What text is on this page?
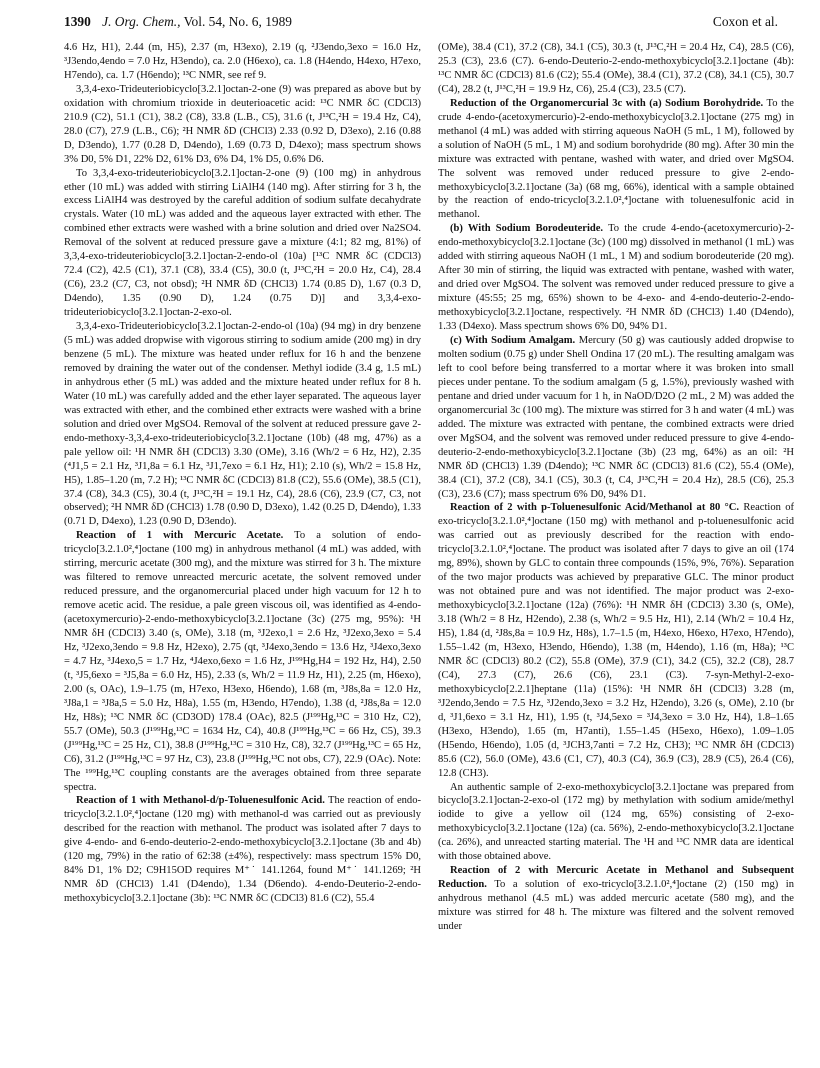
1390 J. Org. Chem., Vol. 54, No. 6, 1989	Coxon et al.

4.6 Hz, H1), 2.44 (m, H5), 2.37 (m, H3exo), 2.19 (q, ²J3endo,3exo = 16.0 Hz, ³J3endo,4endo = 7.0 Hz, H3endo), ca. 2.0 (H6exo), ca. 1.8 (H4endo, H4exo, H7exo, H7endo), ca. 1.7 (H6endo); ¹³C NMR, see ref 9.

3,3,4-exo-Trideuteriobicyclo[3.2.1]octan-2-one (9) was prepared as above but by oxidation with chromium trioxide in deuterioacetic acid: ¹³C NMR δC (CDCl3) 210.9 (C2), 51.1 (C1), 38.2 (C8), 33.8 (L.B., C5), 31.6 (t, J¹³C,²H = 19.4 Hz, C4), 28.0 (C7), 27.9 (L.B., C6); ²H NMR δD (CHCl3) 2.33 (0.92 D, D3exo), 2.16 (0.88 D, D3endo), 1.77 (0.28 D, D4endo), 1.69 (0.73 D, D4exo); mass spectrum shows 3% D0, 5% D1, 22% D2, 61% D3, 6% D4, 1% D5, 0.6% D6.

To 3,3,4-exo-trideuteriobicyclo[3.2.1]octan-2-one (9) (100 mg) in anhydrous ether (10 mL) was added with stirring LiAlH4 (140 mg). After stirring for 3 h, the excess LiAlH4 was destroyed by the careful addition of sodium sulfate decahydrate crystals. Water (10 mL) was added and the aqueous layer extracted with ether. The combined ether extracts were washed with a brine solution and dried over Na2SO4. Removal of the solvent at reduced pressure gave a mixture (4:1; 82 mg, 81%) of 3,3,4-exo-trideuteriobicyclo[3.2.1]octan-2-endo-ol (10a) [¹³C NMR δC (CDCl3) 72.4 (C2), 42.5 (C1), 37.1 (C8), 33.4 (C5), 30.0 (t, J¹³C,²H = 20.0 Hz, C4), 28.4 (C6), 23.2 (C7, C3, not obsd); ²H NMR δD (CHCl3) 1.74 (0.85 D), 1.67 (0.3 D, D4endo), 1.35 (0.90 D), 1.24 (0.75 D)] and 3,3,4-exo-trideuteriobicyclo[3.2.1]octan-2-exo-ol.

3,3,4-exo-Trideuteriobicyclo[3.2.1]octan-2-endo-ol (10a) (94 mg) in dry benzene (5 mL) was added dropwise with vigorous stirring to sodium amide (200 mg) in dry benzene (5 mL). The mixture was heated under reflux for 16 h and the benzene removed by draining the water out of the condenser. Methyl iodide (3.4 g, 1.5 mL) in anhydrous ether (5 mL) was added and the mixture heated under reflux for 8 h. Water (10 mL) was carefully added and the ether layer separated. The aqueous layer was extracted with ether, and the combined ether extracts were washed with a brine solution and dried over MgSO4. Removal of the solvent at reduced pressure gave 2-endo-methoxy-3,3,4-exo-trideuteriobicyclo[3.2.1]octane (10b) (48 mg, 47%) as a pale yellow oil: ¹H NMR δH (CDCl3) 3.30 (OMe), 3.16 (Wh/2 = 6 Hz, H2), 2.35 (⁴J1,5 = 2.1 Hz, ³J1,8a = 6.1 Hz, ³J1,7exo = 6.1 Hz, H1); 2.10 (s), Wh/2 = 15.8 Hz, H5), 1.85–1.20 (m, 7.2 H); ¹³C NMR δC (CDCl3) 81.8 (C2), 55.6 (OMe), 38.5 (C1), 37.4 (C8), 34.3 (C5), 30.4 (t, J¹³C,²H = 19.1 Hz, C4), 28.6 (C6), 23.9 (C7, C3, not observed); ²H NMR δD (CHCl3) 1.78 (0.90 D, D3exo), 1.42 (0.25 D, D4endo), 1.33 (0.71 D, D4exo), 1.23 (0.90 D, D3endo).

Reaction of 1 with Mercuric Acetate. To a solution of endo-tricyclo[3.2.1.0²,⁴]octane (100 mg) in anhydrous methanol (4 mL) was added, with stirring, mercuric acetate (300 mg), and the mixture was stirred for 3 h. The mixture was filtered to remove unreacted mercuric acetate, the solvent removed under reduced pressure, and the organomercurial placed under high vacuum for 12 h to remove acetic acid. The residue, a pale green viscous oil, was identified as 4-endo-(acetoxymercurio)-2-endo-methoxybicyclo[3.2.1]octane (3c) (275 mg, 95%): ¹H NMR δH (CDCl3) 3.40 (s, OMe), 3.18 (m, ³J2exo,1 = 2.6 Hz, ³J2exo,3exo = 5.4 Hz, ³J2exo,3endo = 9.8 Hz, H2exo), 2.75 (qt, ³J4exo,3endo = 13.6 Hz, ³J4exo,3exo = 4.7 Hz, ³J4exo,5 = 1.7 Hz, ⁴J4exo,6exo = 1.6 Hz, J¹⁹⁹Hg,H4 = 192 Hz, H4), 2.50 (t, ³J5,6exo = ³J5,8a = 6.0 Hz, H5), 2.33 (s, Wh/2 = 11.9 Hz, H1), 2.25 (m, H6exo), 2.00 (s, OAc), 1.9–1.75 (m, H7exo, H3exo, H6endo), 1.68 (m, ³J8s,8a = 12.0 Hz, ³J8a,1 = ³J8a,5 = 5.0 Hz, H8a), 1.55 (m, H3endo, H7endo), 1.38 (d, ²J8s,8a = 12.0 Hz, H8s); ¹³C NMR δC (CD3OD) 178.4 (OAc), 82.5 (J¹⁹⁹Hg,¹³C = 310 Hz, C2), 55.7 (OMe), 50.3 (J¹⁹⁹Hg,¹³C = 1634 Hz, C4), 40.8 (J¹⁹⁹Hg,¹³C = 66 Hz, C5), 39.3 (J¹⁹⁹Hg,¹³C = 25 Hz, C1), 38.8 (J¹⁹⁹Hg,¹³C = 310 Hz, C8), 32.7 (J¹⁹⁹Hg,¹³C = 65 Hz, C6), 31.2 (J¹⁹⁹Hg,¹³C = 97 Hz, C3), 23.8 (J¹⁹⁹Hg,¹³C not obs, C7), 22.9 (OAc). Note: The ¹⁹⁹Hg,¹³C coupling constants are the averages obtained from three separate spectra.

Reaction of 1 with Methanol-d/p-Toluenesulfonic Acid. The reaction of endo-tricyclo[3.2.1.0²,⁴]octane (120 mg) with methanol-d was carried out as previously described for the reaction with methanol. The product was isolated after 7 days to give 4-endo- and 6-endo-deuterio-2-endo-methoxybicyclo[3.2.1]octane (3b and 4b) (120 mg, 79%) in the ratio of 62:38 (±4%), respectively: mass spectrum 15% D0, 84% D1, 1% D2; C9H15OD requires M⁺˙ 141.1264, found M⁺˙ 141.1269; ²H NMR δD (CHCl3) 1.41 (D4endo), 1.34 (D6endo). 4-endo-Deuterio-2-endo-methoxybicyclo[3.2.1]octane (3b): ¹³C NMR δC (CDCl3) 81.6 (C2), 55.4

(OMe), 38.4 (C1), 37.2 (C8), 34.1 (C5), 30.3 (t, J¹³C,²H = 20.4 Hz, C4), 28.5 (C6), 25.3 (C3), 23.6 (C7). 6-endo-Deuterio-2-endo-methoxybicyclo[3.2.1]octane (4b): ¹³C NMR δC (CDCl3) 81.6 (C2); 55.4 (OMe), 38.4 (C1), 37.2 (C8), 34.1 (C5), 30.7 (C4), 28.2 (t, J¹³C,²H = 19.9 Hz, C6), 25.4 (C3), 23.5 (C7).

Reduction of the Organomercurial 3c with (a) Sodium Borohydride. To the crude 4-endo-(acetoxymercurio)-2-endo-methoxybicyclo[3.2.1]octane (275 mg) in methanol (4 mL) was added with stirring aqueous NaOH (5 mL, 1 M), followed by a solution of NaOH (5 mL, 1 M) and sodium borohydride (80 mg). After 30 min the mixture was extracted with pentane, washed with water, and dried over MgSO4. The solvent was removed under reduced pressure to give 2-endo-methoxybicyclo[3.2.1]octane (3a) (68 mg, 66%), identical with a sample obtained by the reaction of endo-tricyclo[3.2.1.0²,⁴]octane with toluenesulfonic acid in methanol.

(b) With Sodium Borodeuteride. To the crude 4-endo-(acetoxymercurio)-2-endo-methoxybicyclo[3.2.1]octane (3c) (100 mg) dissolved in methanol (1 mL) was added with stirring aqueous NaOH (1 mL, 1 M) and sodium borodeuteride (20 mg). After 30 min of stirring, the liquid was extracted with pentane, washed with water, and dried over MgSO4. The solvent was removed under reduced pressure to give a mixture (45:55; 25 mg, 65%) shown to be 4-exo- and 4-endo-deuterio-2-endo-methoxybicyclo[3.2.1]octane, respectively. ²H NMR δD (CHCl3) 1.40 (D4endo), 1.33 (D4exo). Mass spectrum shows 6% D0, 94% D1.

(c) With Sodium Amalgam. Mercury (50 g) was cautiously added dropwise to molten sodium (0.75 g) under Shell Ondina 17 (20 mL). The resulting amalgam was left to cool before being transferred to a mortar where it was broken into small pieces under pentane. To the sodium amalgam (5 g, 1.5%), previously washed with pentane and dried under vacuum for 1 h, in NaOD/D2O (2 mL, 2 M) was added the organomercurial 3c (100 mg). The mixture was stirred for 3 h and water (4 mL) was added. The mixture was extracted with pentane, the combined extracts were dried over MgSO4, and the solvent was removed under reduced pressure to give 4-endo-deuterio-2-endo-methoxybicyclo[3.2.1]octane (3b) (23 mg, 64%) as an oil: ²H NMR δD (CHCl3) 1.39 (D4endo); ¹³C NMR δC (CDCl3) 81.6 (C2), 55.4 (OMe), 38.4 (C1), 37.2 (C8), 34.1 (C5), 30.3 (t, C4, J¹³C,²H = 20.4 Hz), 28.5 (C6), 25.3 (C3), 23.6 (C7); mass spectrum 6% D0, 94% D1.

Reaction of 2 with p-Toluenesulfonic Acid/Methanol at 80 °C. Reaction of exo-tricyclo[3.2.1.0²,⁴]octane (150 mg) with methanol and p-toluenesulfonic acid was carried out as previously described for the reaction with endo-tricyclo[3.2.1.0²,⁴]octane. The product was isolated after 7 days to give an oil (174 mg, 89%), shown by GLC to contain three compounds (15%, 9%, 76%). Separation of the two major products was achieved by preparative GLC. The minor product was not obtained pure and was not identified. The major product was 2-exo-methoxybicyclo[3.2.1]octane (12a) (76%): ¹H NMR δH (CDCl3) 3.30 (s, OMe), 3.18 (Wh/2 = 8 Hz, H2endo), 2.38 (s, Wh/2 = 9.5 Hz, H1), 2.14 (Wh/2 = 10.4 Hz, H5), 1.84 (d, ²J8s,8a = 10.9 Hz, H8s), 1.7–1.5 (m, H4exo, H6exo, H7exo, H7endo), 1.55–1.42 (m, H3exo, H3endo, H6endo), 1.38 (m, H4endo), 1.16 (m, H8a); ¹³C NMR δC (CDCl3) 80.2 (C2), 55.8 (OMe), 37.9 (C1), 34.2 (C5), 32.2 (C8), 28.7 (C4), 27.3 (C7), 26.6 (C6), 23.1 (C3). 7-syn-Methyl-2-exo-methoxybicyclo[2.2.1]heptane (11a) (15%): ¹H NMR δH (CDCl3) 3.28 (m, ³J2endo,3endo = 7.5 Hz, ³J2endo,3exo = 3.2 Hz, H2endo), 3.26 (s, OMe), 2.10 (br d, ³J1,6exo = 3.1 Hz, H1), 1.95 (t, ³J4,5exo = ³J4,3exo = 3.0 Hz, H4), 1.8–1.65 (H3exo, H3endo), 1.65 (m, H7anti), 1.55–1.45 (H5exo, H6exo), 1.09–1.05 (H5endo, H6endo), 1.05 (d, ³JCH3,7anti = 7.2 Hz, CH3); ¹³C NMR δH (CDCl3) 85.6 (C2), 56.0 (OMe), 43.6 (C1, C7), 40.3 (C4), 36.9 (C3), 28.9 (C5), 26.4 (C6), 12.8 (CH3).

An authentic sample of 2-exo-methoxybicyclo[3.2.1]octane was prepared from bicyclo[3.2.1]octan-2-exo-ol (172 mg) by methylation with sodium amide/methyl iodide to give a yellow oil (124 mg, 65%) consisting of 2-exo-methoxybicyclo[3.2.1]octane (12a) (ca. 56%), 2-endo-methoxybicyclo[3.2.1]octane (ca. 26%), and unreacted starting material. The ¹H and ¹³C NMR data are identical with those obtained above.

Reaction of 2 with Mercuric Acetate in Methanol and Subsequent Reduction. To a solution of exo-tricyclo[3.2.1.0²,⁴]octane (2) (150 mg) in anhydrous methanol (4.5 mL) was added mercuric acetate (580 mg), and the mixture was stirred for 48 h. The mixture was filtered and the solvent removed under
